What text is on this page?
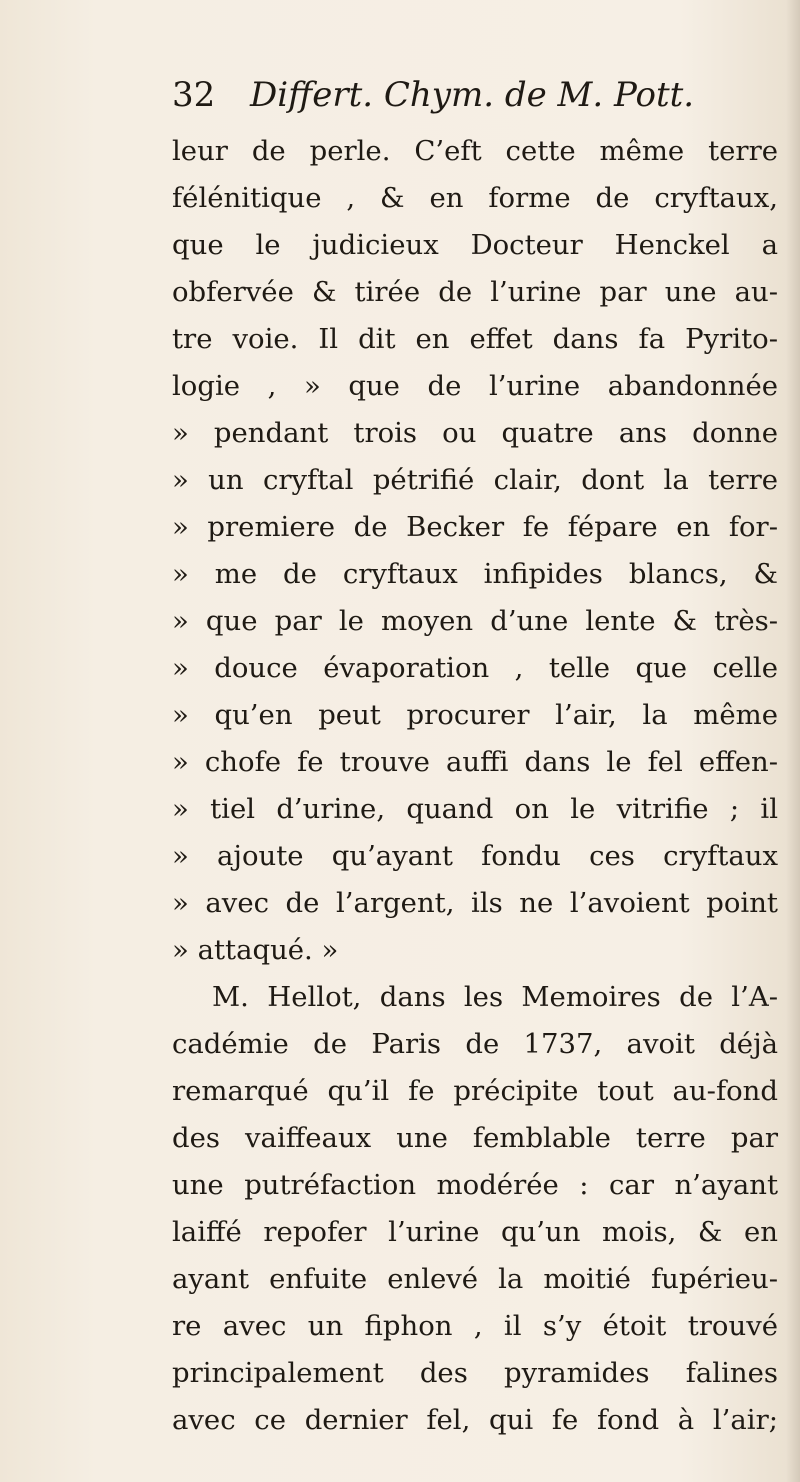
32 Differt. Chym. de M. Pott.
leur de perle. C’eft cette même terre
félénitique , & en forme de cryftaux,
que le judicieux Docteur Henckel a
obfervée & tirée de l’urine par une au-
tre voie. Il dit en effet dans fa Pyrito-
logie , » que de l’urine abandonnée
» pendant trois ou quatre ans donne
» un cryftal pétrifié clair, dont la terre
» premiere de Becker fe fépare en for-
» me de cryftaux infipides blancs, &
» que par le moyen d’une lente & très-
» douce évaporation , telle que celle
» qu’en peut procurer l’air, la même
» chofe fe trouve auffi dans le fel effen-
» tiel d’urine, quand on le vitrifie ; il
» ajoute qu’ayant fondu ces cryftaux
» avec de l’argent, ils ne l’avoient point
» attaqué. »
M. Hellot, dans les Memoires de l’A-
cadémie de Paris de 1737, avoit déjà
remarqué qu’il fe précipite tout au-fond
des vaiffeaux une femblable terre par
une putréfaction modérée : car n’ayant
laiffé repofer l’urine qu’un mois, & en
ayant enfuite enlevé la moitié fupérieu-
re avec un fiphon , il s’y étoit trouvé
principalement des pyramides falines
avec ce dernier fel, qui fe fond à l’air;
